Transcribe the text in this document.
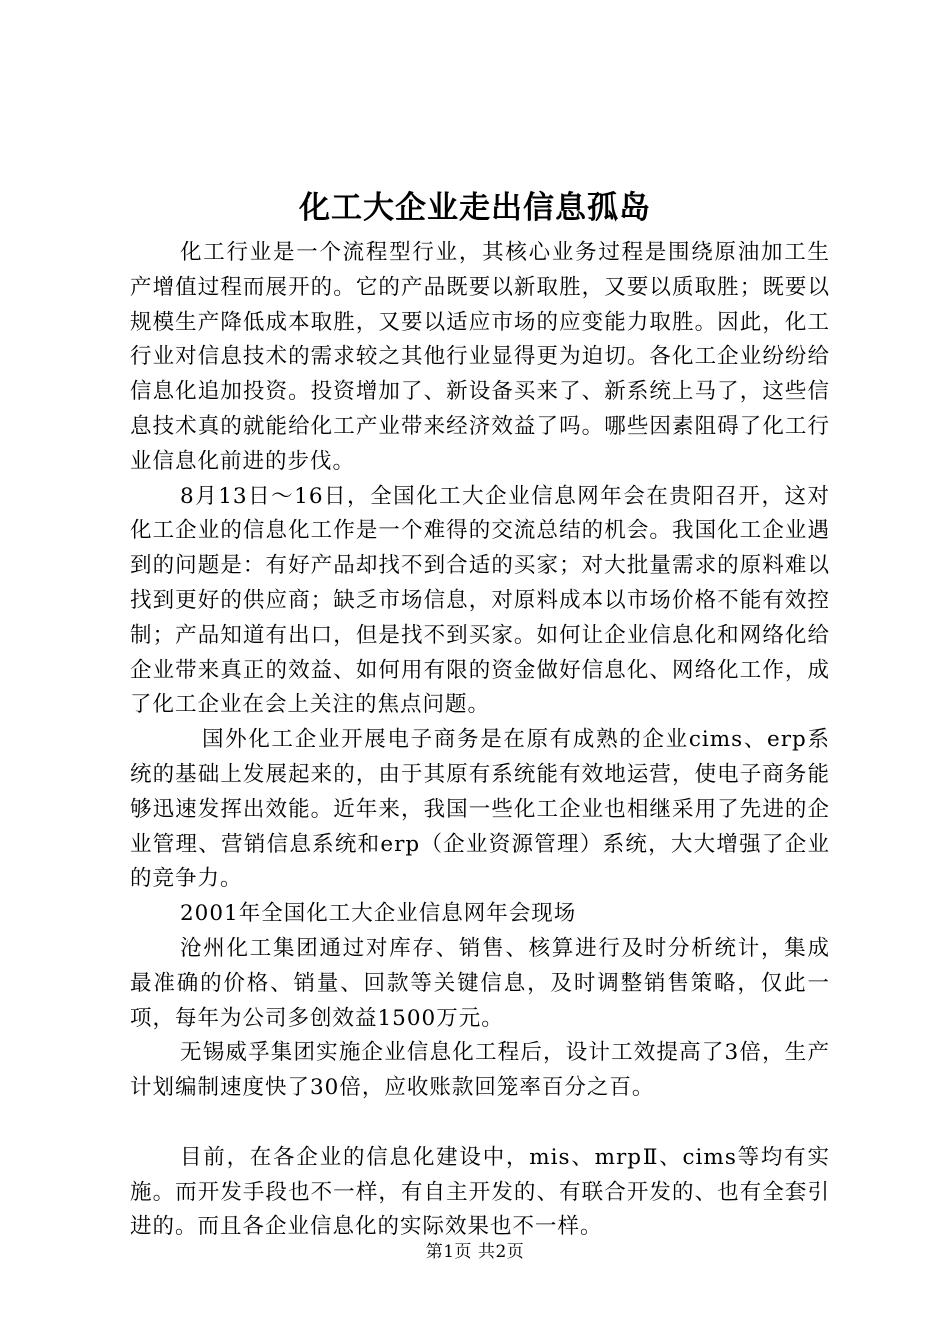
化工大企业走出信息孤岛

化工行业是一个流程型行业，其核心业务过程是围绕原油加工生产增值过程而展开的。它的产品既要以新取胜，又要以质取胜；既要以规模生产降低成本取胜，又要以适应市场的应变能力取胜。因此，化工行业对信息技术的需求较之其他行业显得更为迫切。各化工企业纷纷给信息化追加投资。投资增加了、新设备买来了、新系统上马了，这些信息技术真的就能给化工产业带来经济效益了吗。哪些因素阻碍了化工行业信息化前进的步伐。

8月13日～16日，全国化工大企业信息网年会在贵阳召开，这对化工企业的信息化工作是一个难得的交流总结的机会。我国化工企业遇到的问题是：有好产品却找不到合适的买家；对大批量需求的原料难以找到更好的供应商；缺乏市场信息，对原料成本以市场价格不能有效控制；产品知道有出口，但是找不到买家。如何让企业信息化和网络化给企业带来真正的效益、如何用有限的资金做好信息化、网络化工作，成了化工企业在会上关注的焦点问题。

国外化工企业开展电子商务是在原有成熟的企业cims、erp系统的基础上发展起来的，由于其原有系统能有效地运营，使电子商务能够迅速发挥出效能。近年来，我国一些化工企业也相继采用了先进的企业管理、营销信息系统和erp（企业资源管理）系统，大大增强了企业的竞争力。

2001年全国化工大企业信息网年会现场

沧州化工集团通过对库存、销售、核算进行及时分析统计，集成最准确的价格、销量、回款等关键信息，及时调整销售策略，仅此一项，每年为公司多创效益1500万元。

无锡威孚集团实施企业信息化工程后，设计工效提高了3倍，生产计划编制速度快了30倍，应收账款回笼率百分之百。

目前，在各企业的信息化建设中，mis、mrpⅡ、cims等均有实施。而开发手段也不一样，有自主开发的、有联合开发的、也有全套引进的。而且各企业信息化的实际效果也不一样。

第1页 共2页
